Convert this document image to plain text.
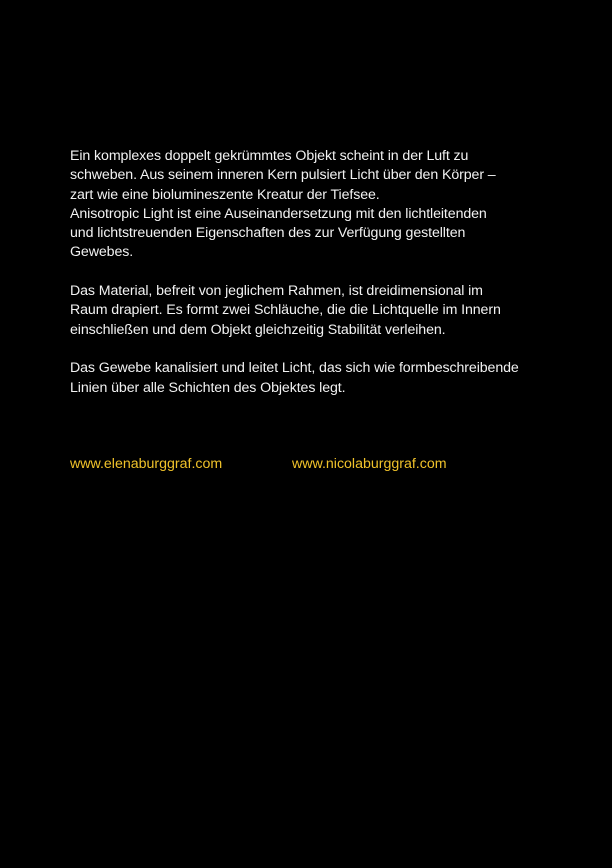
Ein komplexes doppelt gekrümmtes Objekt scheint in der Luft zu
schweben. Aus seinem inneren Kern pulsiert Licht über den Körper –
zart wie eine biolumineszente Kreatur der Tiefsee.
Anisotropic Light ist eine Auseinandersetzung mit den lichtleitenden
und lichtstreuenden Eigenschaften des zur Verfügung gestellten
Gewebes.

Das Material, befreit von jeglichem Rahmen, ist dreidimensional im
Raum drapiert. Es formt zwei Schläuche, die die Lichtquelle im Innern
einschließen und dem Objekt gleichzeitig Stabilität verleihen.

Das Gewebe kanalisiert und leitet Licht, das sich wie formbeschreibende
Linien über alle Schichten des Objektes legt.

www.elenaburggraf.com	www.nicolaburggraf.com
